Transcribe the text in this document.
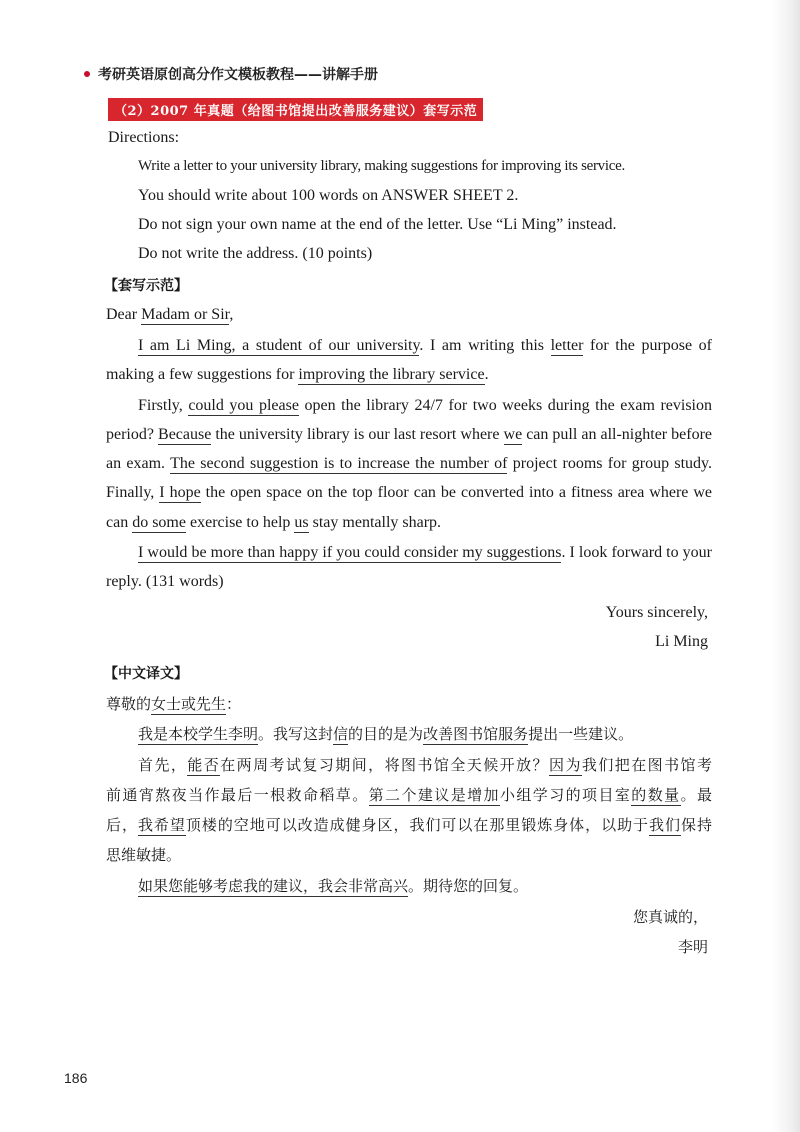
考研英语原创高分作文模板教程——讲解手册
（2）2007 年真题（给图书馆提出改善服务建议）套写示范
Directions:
Write a letter to your university library, making suggestions for improving its service.
You should write about 100 words on ANSWER SHEET 2.
Do not sign your own name at the end of the letter. Use “Li Ming” instead.
Do not write the address. (10 points)
【套写示范】
Dear Madam or Sir,
I am Li Ming, a student of our university. I am writing this letter for the purpose of
making a few suggestions for improving the library service.
Firstly, could you please open the library 24/7 for two weeks during the exam revision
period? Because the university library is our last resort where we can pull an all-nighter before
an exam. The second suggestion is to increase the number of project rooms for group study.
Finally, I hope the open space on the top floor can be converted into a fitness area where we
can do some exercise to help us stay mentally sharp.
I would be more than happy if you could consider my suggestions. I look forward to your
reply. (131 words)
Yours sincerely,
Li Ming
【中文译文】
尊敬的女士或先生：
我是本校学生李明。我写这封信的目的是为改善图书馆服务提出一些建议。
首先，能否在两周考试复习期间，将图书馆全天候开放？因为我们把在图书馆考
前通宵熬夜当作最后一根救命稻草。第二个建议是增加小组学习的项目室的数量。最
后，我希望顶楼的空地可以改造成健身区，我们可以在那里锻炼身体，以助于我们保持
思维敏捷。
如果您能够考虑我的建议，我会非常高兴。期待您的回复。
您真诚的，
李明
186
